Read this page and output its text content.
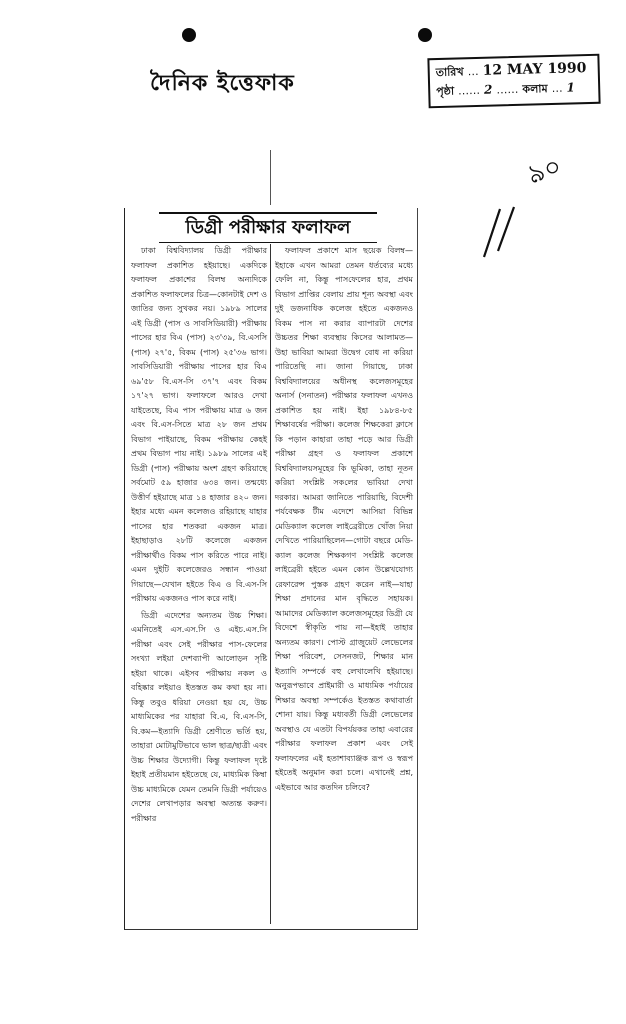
দৈনিক ইত্তেফাক	তারিখ … 12 MAY 1990
পৃষ্ঠা …… 2 …… কলাম … 1
৯০
ডিগ্রী পরীক্ষার ফলাফল

ঢাকা বিশ্ববিদ্যালয় ডিগ্রী পরীক্ষার ফলাফল প্রকাশিত হইয়াছে। একদিকে ফলাফল প্রকাশের বিলম্ব অন্যদিকে প্রকাশিত ফলাফলের চিত্র—কোনটাই দেশ ও জাতির জন্য সুখকর নয়। ১৯৮৯ সালের এই ডিগ্রী (পাস ও সাবসিডিয়ারী) পরীক্ষায় পাসের হার বিএ (পাস) ২৩'৩৯, বি.এসসি (পাস) ২৭'৫, বিকম (পাস) ২৫'৩৬ ভাগ। সাবসিডিয়ারী পরীক্ষায় পাসের হার বিএ ৬৯'৫৮ বি.এস-সি ৩৭'৭ এবং বিকম ১৭'২৭ ভাগ। ফলাফলে আরও দেখা যাইতেছে, বিএ পাস পরীক্ষায় মাত্র ৬ জন এবং বি.এস-সিতে মাত্র ২৮ জন প্রথম বিভাগ পাইয়াছে, বিকম পরীক্ষায় কেহই প্রথম বিভাগ পায় নাই। ১৯৮৯ সালের এই ডিগ্রী (পাস) পরীক্ষায় অংশ গ্রহণ করিয়াছে সর্বমোট ৫৯ হাজার ৬৩৪ জন। তন্মধ্যে উত্তীর্ণ হইয়াছে মাত্র ১৪ হাজার ৪২০ জন। ইহার মধ্যে এমন কলেজও রহিয়াছে যাহার পাসের হার শতকরা একজন মাত্র। ইহাছাড়াও ২৮টি কলেজে একজন পরীক্ষার্থীও বিকম পাস করিতে পারে নাই। এমন দুইটি কলেজেরও সন্ধান পাওয়া গিয়াছে—যেখান হইতে বিএ ও বি.এস-সি পরীক্ষায় একজনও পাস করে নাই।

ডিগ্রী এদেশের অন্যতম উচ্চ শিক্ষা। এমনিতেই এস.এস.সি ও এইচ.এস.সি পরীক্ষা এবং সেই পরীক্ষার পাস-ফেলের সংখ্যা লইয়া দেশব্যাপী আলোড়ন সৃষ্টি হইয়া থাকে। এইসব পরীক্ষায় নকল ও বহিষ্কার লইয়াও ইতস্তত কম কথা হয় না। কিন্তু তবুও ধরিয়া নেওয়া হয় যে, উচ্চ মাধ্যমিকের পর যাহারা বি.এ, বি.এস-সি, বি.কম—ইত্যাদি ডিগ্রী শ্রেণীতে ভর্তি হয়, তাহারা মোটামুটিভাবে ভাল ছাত্র/ছাত্রী এবং উচ্চ শিক্ষার উদ্যোগী। কিন্তু ফলাফল দৃষ্টে ইহাই প্রতীয়মান হইতেছে যে, মাধ্যমিক কিম্বা উচ্চ মাধ্যমিকে যেমন তেমনি ডিগ্রী পর্যায়েও দেশের লেখাপড়ার অবস্থা অত্যন্ত করুণ। পরীক্ষার

ফলাফল প্রকাশে মাস ছয়েক বিলম্ব—ইহাকে এখন আমরা তেমন ধর্তব্যের মধ্যে ফেলি না, কিন্তু পাসফেলের হার, প্রথম বিভাগ প্রাপ্তির বেলায় প্রায় শূন্য অবস্থা এবং দুই ডজনাধিক কলেজ হইতে একজনও বিকম পাস না করার ব্যাপারটা দেশের উচ্চতর শিক্ষা ব্যবস্থায় কিসের আলামত—উহা ভাবিয়া আমরা উদ্বেগ বোধ না করিয়া পারিতেছি না। জানা গিয়াছে, ঢাকা বিশ্ববিদ্যালয়ের অধীনস্থ কলেজসমূহের অনার্স (সনাতন) পরীক্ষার ফলাফল এখনও প্রকাশিত হয় নাই। ইহা ১৯৮৪-৮৫ শিক্ষাবর্ষের পরীক্ষা। কলেজ শিক্ষকেরা ক্লাসে কি পড়ান কাহারা তাহা পড়ে আর ডিগ্রী পরীক্ষা গ্রহণ ও ফলাফল প্রকাশে বিশ্ববিদ্যালয়সমূহের কি ভূমিকা, তাহা নূতন করিয়া সংশ্লিষ্ট সকলের ভাবিয়া দেখা দরকার। আমরা জানিতে পারিয়াছি, বিদেশী পর্যবেক্ষক টীম এদেশে আসিয়া বিভিন্ন মেডিক্যাল কলেজ লাইব্রেরীতে খোঁজ নিয়া দেখিতে পারিয়াছিলেন—গোটা বছরে মেডিক্যাল কলেজ শিক্ষকগণ সংশ্লিষ্ট কলেজ লাইব্রেরী হইতে এমন কোন উল্লেখযোগ্য রেফারেন্স পুস্তক গ্রহণ করেন নাই—যাহা শিক্ষা প্রদানের মান বৃদ্ধিতে সহায়ক। আমাদের মেডিক্যাল কলেজসমূহের ডিগ্রী যে বিদেশে স্বীকৃতি পায় না—ইহাই তাহার অন্যতম কারণ। পোস্ট গ্রাজুয়েট লেভেলের শিক্ষা পরিবেশ, সেসনজট, শিক্ষার মান ইত্যাদি সম্পর্কে বহু লেখালেখি হইয়াছে। অনুরূপভাবে প্রাইমারী ও মাধ্যমিক পর্যায়ের শিক্ষার অবস্থা সম্পর্কেও ইতস্তত কথাবার্তা শোনা যায়। কিন্তু মধ্যবর্তী ডিগ্রী লেভেলের অবস্থাও যে এতটা বিপর্যয়কর তাহা এবারের পরীক্ষার ফলাফল প্রকাশ এবং সেই ফলাফলের এই হতাশাব্যাঞ্জক রূপ ও স্বরূপ হইতেই অনুমান করা চলে। এখানেই প্রশ্ন, এইভাবে আর কতদিন চলিবে?
